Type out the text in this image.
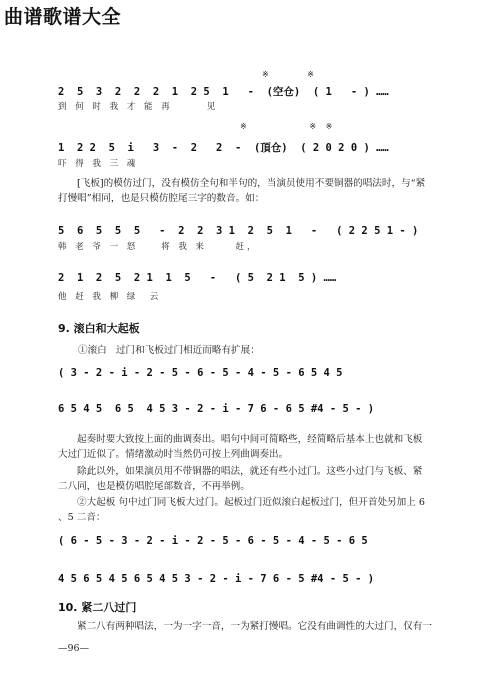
曲谱歌谱大全
※        ※
2  5  3  2  2  2  1  2 5  1   -  (空仓)  ( 1   - ) ……
到 何 时 我 才 能 再      见
※             ※  ※
1  2 2  5  i   3  -  2   2  -  (頂仓)  ( 2 0 2 0 ) ……
吓 得 我 三 魂

[飞板]的模仿过门，没有模仿全句和半句的，当演员使用不要铜器的唱法时，与“紧打慢唱”相同，也是只模仿腔尾三字的数音。如：

5  6  5  5  5   -  2  2  3 1  2  5  1   -   ( 2 2 5 1 - )
韩 老 爷 一 怒    将 我 来     赶，
2  1  2  5  2 1  1  5   -   ( 5  2 1  5 ) ……
他 赶 我 柳 绿  云
9. 滚白和大起板
①滚白   过门和飞板过门相近而略有扩展：
( 3 - 2 - i - 2 - 5 - 6 - 5 - 4 - 5 - 6 5 4 5
6 5 4 5  6 5  4 5 3 - 2 - i - 7 6 - 6 5 #4 - 5 - )

起奏时要大致按上面的曲调奏出。唱句中间可简略些，经简略后基本上也就和飞板大过门近似了。情绪激动时当然仍可按上列曲调奏出。

除此以外，如果演员用不带铜器的唱法，就还有些小过门。这些小过门与飞板、紧二八同，也是模仿唱腔尾部数音，不再举例。

②大起板 句中过门同飞板大过门。起板过门近似滚白起板过门，但开首处另加上 6 、5 二音：

( 6 - 5 - 3 - 2 - i - 2 - 5 - 6 - 5 - 4 - 5 - 6 5
4 5 6 5 4 5 6 5 4 5 3 - 2 - i - 7 6 - 5 #4 - 5 - )
10. 紧二八过门

紧二八有两种唱法，一为一字一音，一为紧打慢唱。它没有曲调性的大过门，仅有一

—96—
